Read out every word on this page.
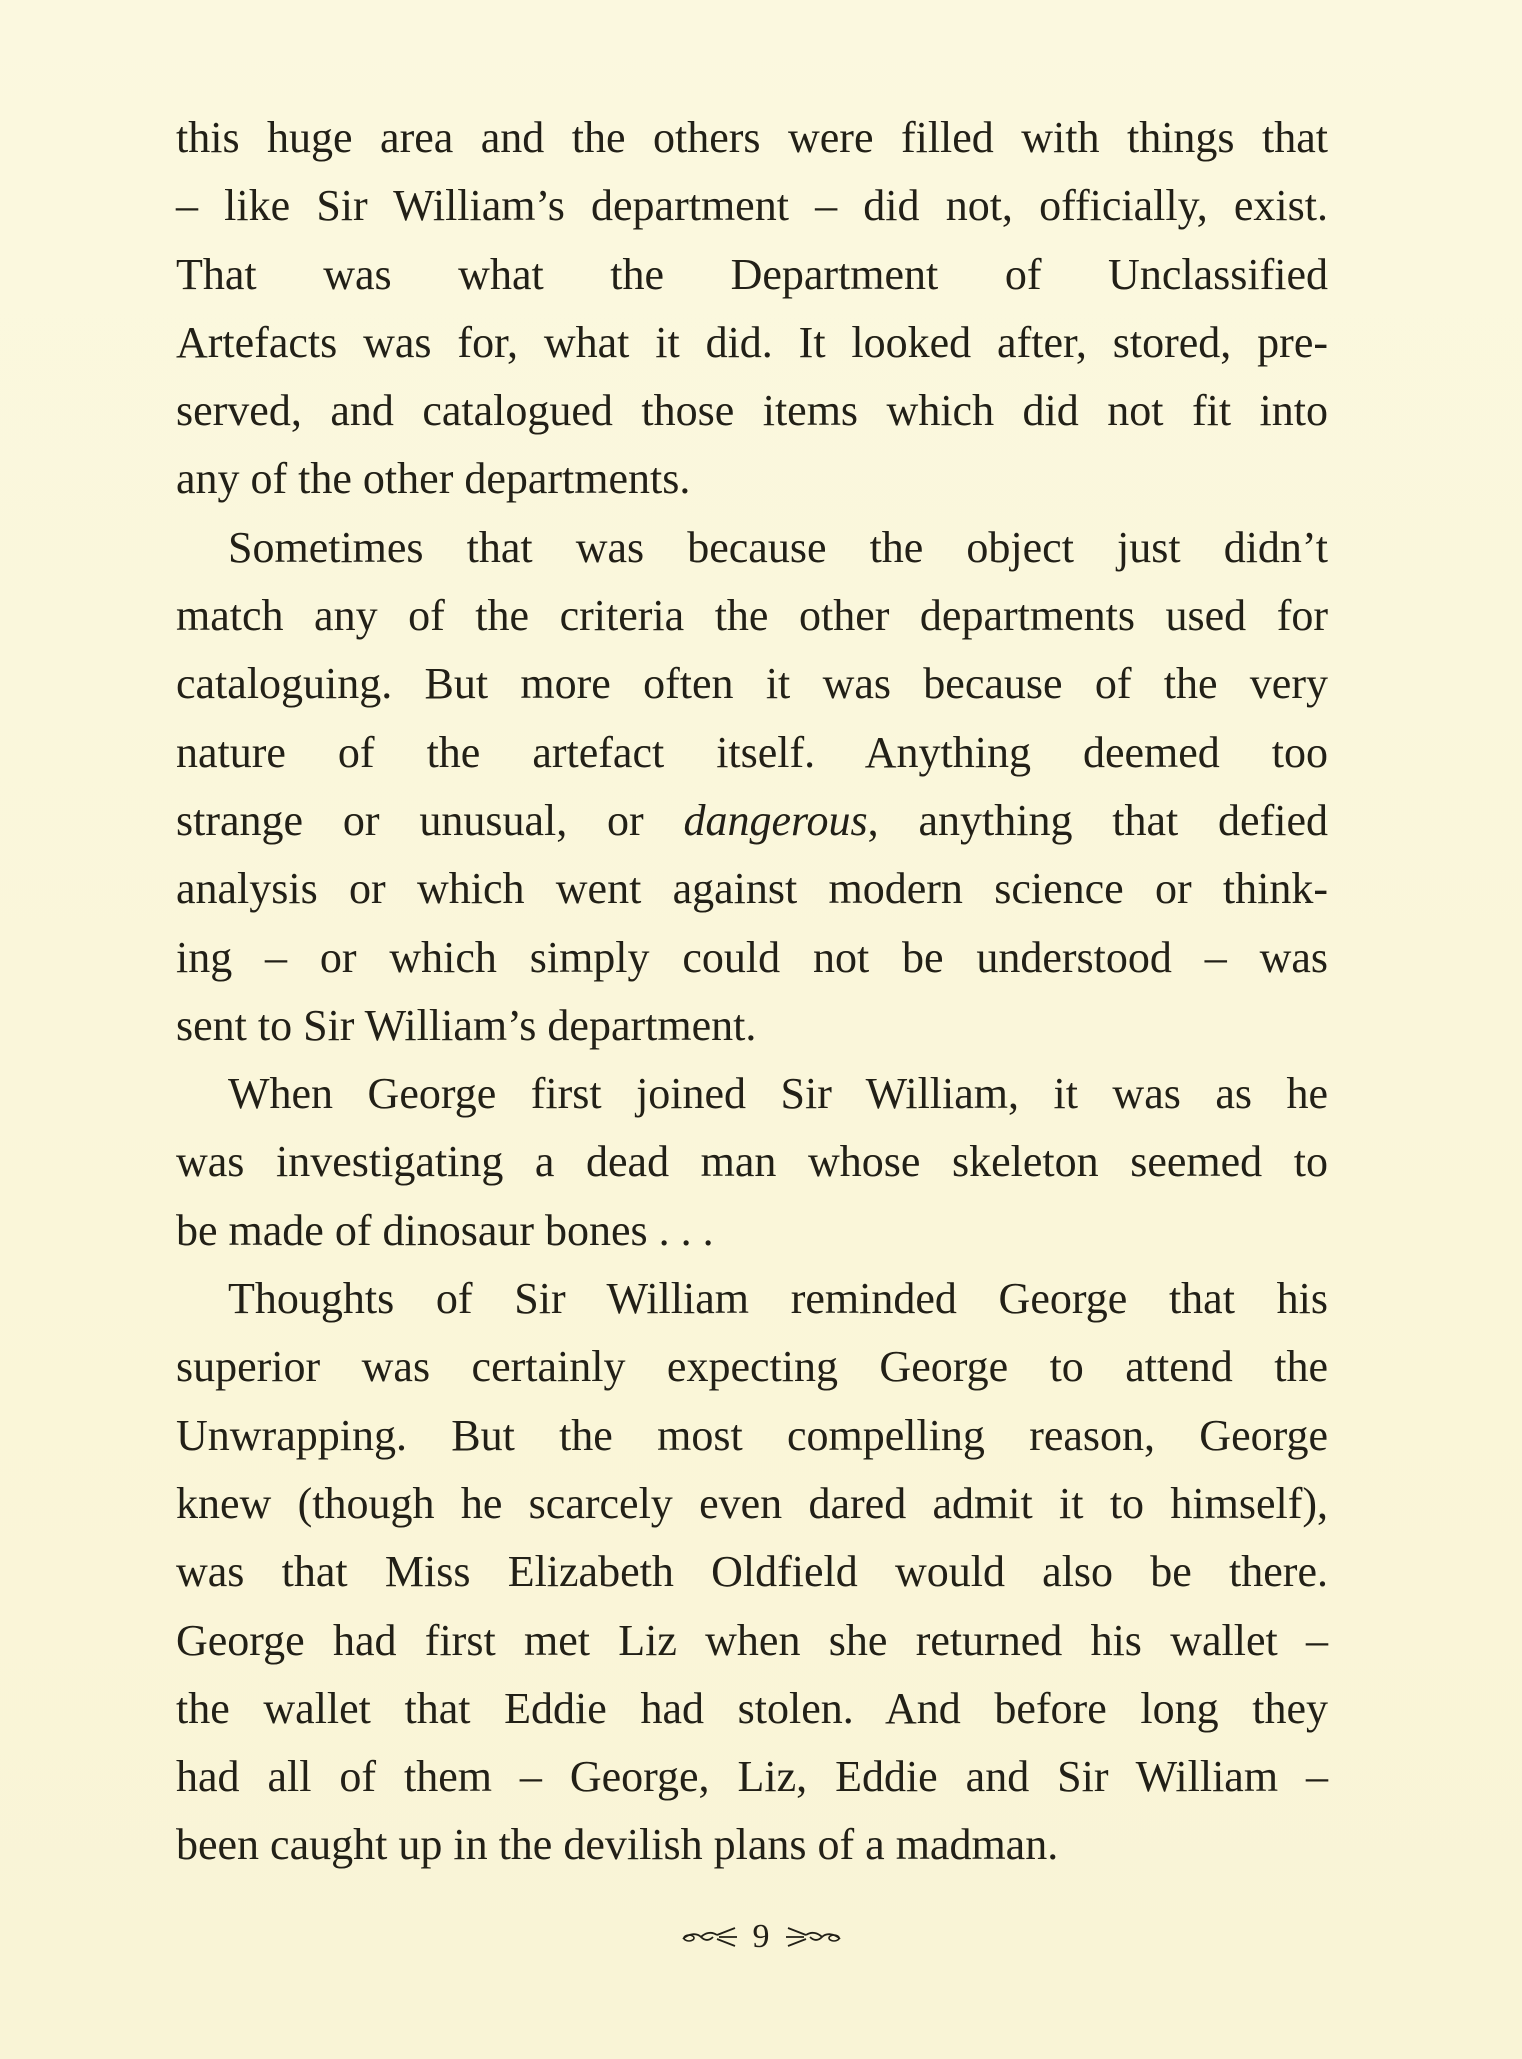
this huge area and the others were filled with things that
– like Sir William’s department – did not, officially, exist.
That was what the Department of Unclassified
Artefacts was for, what it did. It looked after, stored, pre-
served, and catalogued those items which did not fit into
any of the other departments.
Sometimes that was because the object just didn’t
match any of the criteria the other departments used for
cataloguing. But more often it was because of the very
nature of the artefact itself. Anything deemed too
strange or unusual, or dangerous, anything that defied
analysis or which went against modern science or think-
ing – or which simply could not be understood – was
sent to Sir William’s department.
When George first joined Sir William, it was as he
was investigating a dead man whose skeleton seemed to
be made of dinosaur bones . . .
Thoughts of Sir William reminded George that his
superior was certainly expecting George to attend the
Unwrapping. But the most compelling reason, George
knew (though he scarcely even dared admit it to himself),
was that Miss Elizabeth Oldfield would also be there.
George had first met Liz when she returned his wallet –
the wallet that Eddie had stolen. And before long they
had all of them – George, Liz, Eddie and Sir William –
been caught up in the devilish plans of a madman.
9
